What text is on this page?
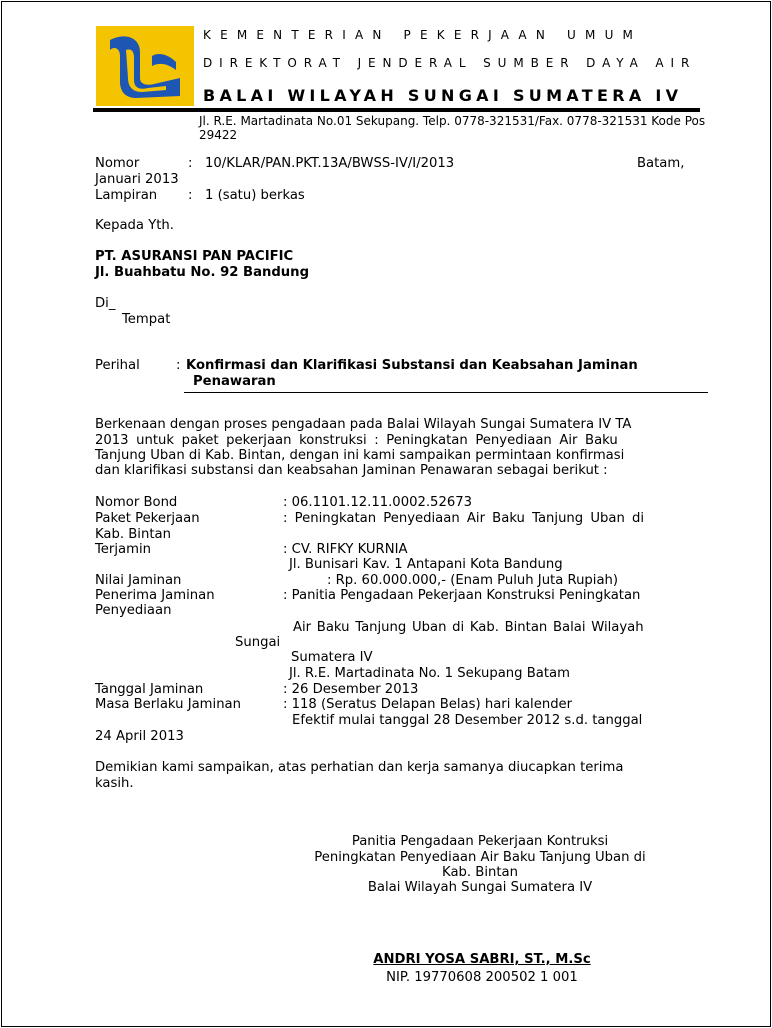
KEMENTERIAN PEKERJAAN UMUM
DIREKTORAT JENDERAL SUMBER DAYA AIR
BALAI WILAYAH SUNGAI SUMATERA IV
Jl. R.E. Martadinata No.01 Sekupang. Telp. 0778-321531/Fax. 0778-321531 Kode Pos 29422
Nomor	: 10/KLAR/PAN.PKT.13A/BWSS-IV/I/2013	Batam,
Januari 2013
Lampiran : 1 (satu) berkas
Kepada Yth.
PT. ASURANSI PAN PACIFIC
Jl. Buahbatu No. 92 Bandung
Di_
Tempat
Perihal	: Konfirmasi dan Klarifikasi Substansi dan Keabsahan Jaminan
Penawaran
Berkenaan dengan proses pengadaan pada Balai Wilayah Sungai Sumatera IV TA
2013 untuk paket pekerjaan konstruksi : Peningkatan Penyediaan Air Baku
Tanjung Uban di Kab. Bintan, dengan ini kami sampaikan permintaan konfirmasi
dan klarifikasi substansi dan keabsahan Jaminan Penawaran sebagai berikut :
Nomor Bond	: 06.1101.12.11.0002.52673
Paket Pekerjaan	: Peningkatan Penyediaan Air Baku Tanjung Uban di
Kab. Bintan
Terjamin	: CV. RIFKY KURNIA
Jl. Bunisari Kav. 1 Antapani Kota Bandung
Nilai Jaminan	: Rp. 60.000.000,- (Enam Puluh Juta Rupiah)
Penerima Jaminan	: Panitia Pengadaan Pekerjaan Konstruksi Peningkatan
Penyediaan
Air Baku Tanjung Uban di Kab. Bintan Balai Wilayah
Sungai
Sumatera IV
Jl. R.E. Martadinata No. 1 Sekupang Batam
Tanggal Jaminan	: 26 Desember 2013
Masa Berlaku Jaminan	: 118 (Seratus Delapan Belas) hari kalender
Efektif mulai tanggal 28 Desember 2012 s.d. tanggal
24 April 2013
Demikian kami sampaikan, atas perhatian dan kerja samanya diucapkan terima
kasih.
Panitia Pengadaan Pekerjaan Kontruksi
Peningkatan Penyediaan Air Baku Tanjung Uban di
Kab. Bintan
Balai Wilayah Sungai Sumatera IV
ANDRI YOSA SABRI, ST., M.Sc
NIP. 19770608 200502 1 001
